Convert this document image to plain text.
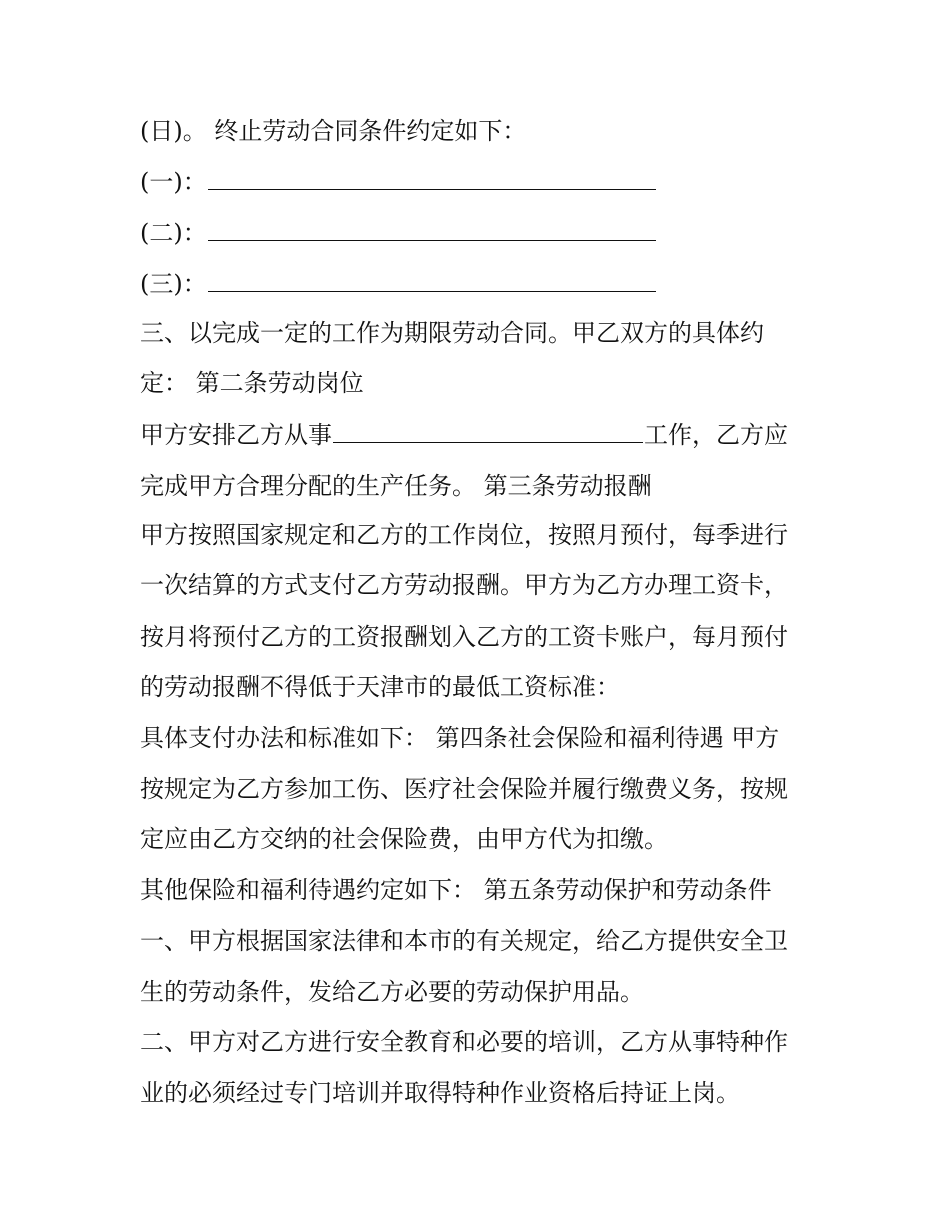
(日)。 终止劳动合同条件约定如下：
(一)：
(二)：
(三)：
三、以完成一定的工作为期限劳动合同。甲乙双方的具体约
定： 第二条劳动岗位
甲方安排乙方从事	工作，乙方应
完成甲方合理分配的生产任务。 第三条劳动报酬
甲方按照国家规定和乙方的工作岗位，按照月预付，每季进行
一次结算的方式支付乙方劳动报酬。甲方为乙方办理工资卡，
按月将预付乙方的工资报酬划入乙方的工资卡账户，每月预付
的劳动报酬不得低于天津市的最低工资标准：
具体支付办法和标准如下： 第四条社会保险和福利待遇 甲方
按规定为乙方参加工伤、医疗社会保险并履行缴费义务，按规
定应由乙方交纳的社会保险费，由甲方代为扣缴。
其他保险和福利待遇约定如下： 第五条劳动保护和劳动条件
一、甲方根据国家法律和本市的有关规定，给乙方提供安全卫
生的劳动条件，发给乙方必要的劳动保护用品。
二、甲方对乙方进行安全教育和必要的培训，乙方从事特种作
业的必须经过专门培训并取得特种作业资格后持证上岗。
